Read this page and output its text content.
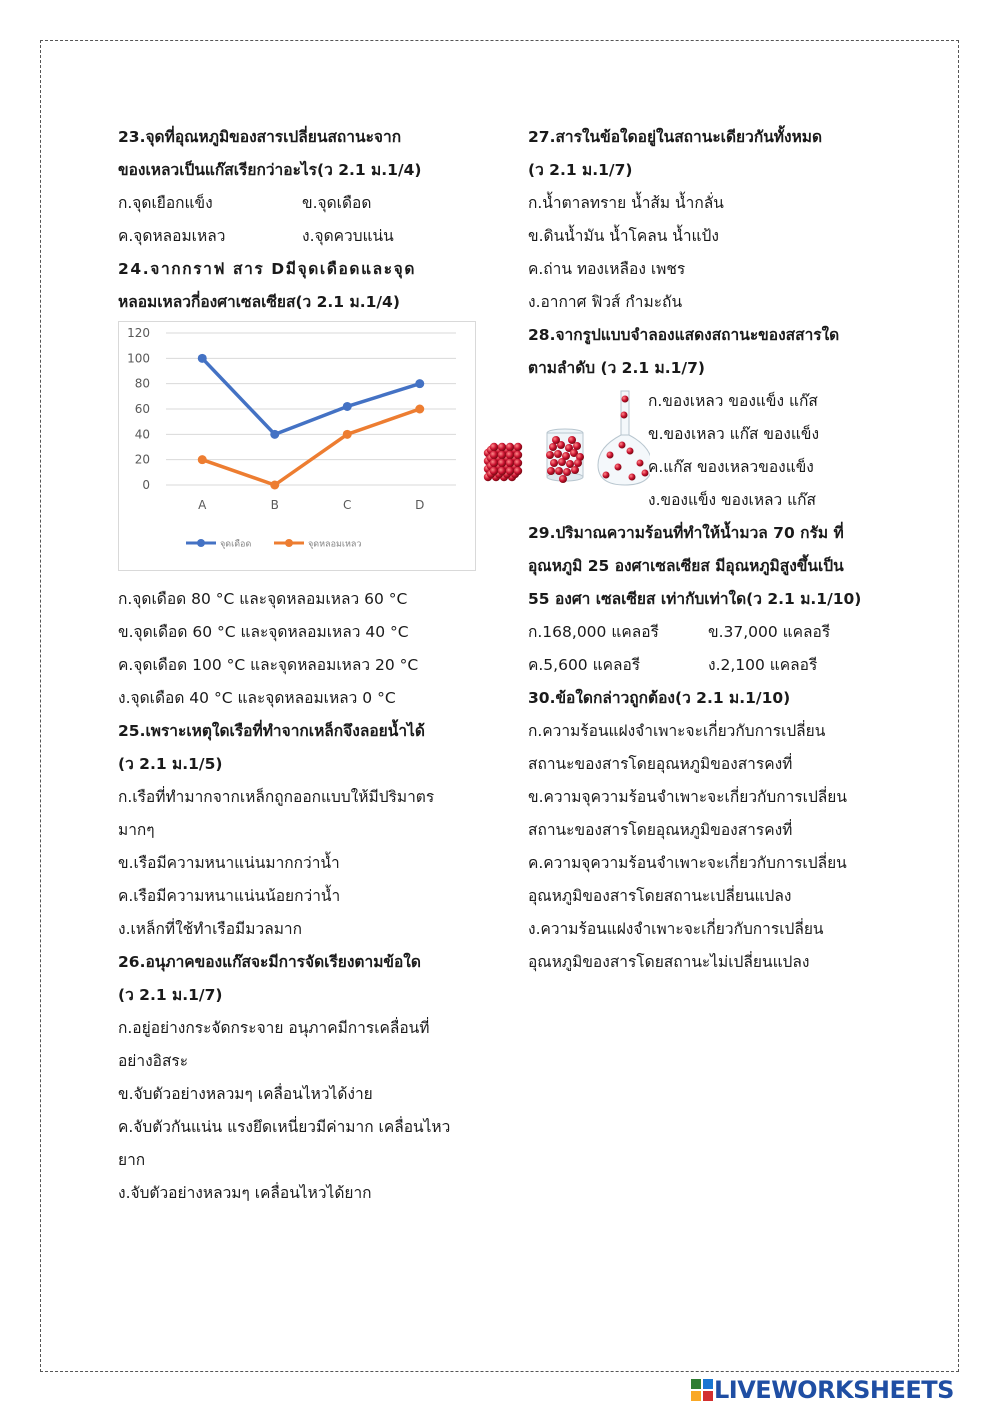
23.จุดที่อุณหภูมิของสารเปลี่ยนสถานะจาก
ของเหลวเป็นแก๊สเรียกว่าอะไร(ว 2.1 ม.1/4)
ก.จุดเยือกแข็ง	ข.จุดเดือด
ค.จุดหลอมเหลว	ง.จุดควบแน่น
24.จากกราฟ สาร Dมีจุดเดือดและจุด
หลอมเหลวกี่องศาเซลเซียส(ว 2.1 ม.1/4)
120
100
80
60
40
20
0
A	B	C	D
จุดเดือด	จุดหลอมเหลว
ก.จุดเดือด 80 °C และจุดหลอมเหลว 60 °C
ข.จุดเดือด 60 °C และจุดหลอมเหลว 40 °C
ค.จุดเดือด 100 °C และจุดหลอมเหลว 20 °C
ง.จุดเดือด 40 °C และจุดหลอมเหลว 0 °C
25.เพราะเหตุใดเรือที่ทำจากเหล็กจึงลอยน้ำได้
(ว 2.1 ม.1/5)
ก.เรือที่ทำมากจากเหล็กถูกออกแบบให้มีปริมาตร
มากๆ
ข.เรือมีความหนาแน่นมากกว่าน้ำ
ค.เรือมีความหนาแน่นน้อยกว่าน้ำ
ง.เหล็กที่ใช้ทำเรือมีมวลมาก
26.อนุภาคของแก๊สจะมีการจัดเรียงตามข้อใด
(ว 2.1 ม.1/7)
ก.อยู่อย่างกระจัดกระจาย อนุภาคมีการเคลื่อนที่
อย่างอิสระ
ข.จับตัวอย่างหลวมๆ เคลื่อนไหวได้ง่าย
ค.จับตัวกันแน่น แรงยึดเหนี่ยวมีค่ามาก เคลื่อนไหว
ยาก
ง.จับตัวอย่างหลวมๆ เคลื่อนไหวได้ยาก
27.สารในข้อใดอยู่ในสถานะเดียวกันทั้งหมด
(ว 2.1 ม.1/7)
ก.น้ำตาลทราย น้ำส้ม น้ำกลั่น
ข.ดินน้ำมัน น้ำโคลน น้ำแป้ง
ค.ถ่าน ทองเหลือง เพชร
ง.อากาศ ฟิวส์ กำมะถัน
28.จากรูปแบบจำลองแสดงสถานะของสสารใด
ตามลำดับ (ว 2.1 ม.1/7)
ก.ของเหลว ของแข็ง แก๊ส
ข.ของเหลว แก๊ส ของแข็ง
ค.แก๊ส ของเหลวของแข็ง
ง.ของแข็ง ของเหลว แก๊ส
29.ปริมาณความร้อนที่ทำให้น้ำมวล 70 กรัม ที่
อุณหภูมิ 25 องศาเซลเซียส มีอุณหภูมิสูงขึ้นเป็น
55 องศา เซลเซียส เท่ากับเท่าใด(ว 2.1 ม.1/10)
ก.168,000 แคลอรี	ข.37,000 แคลอรี
ค.5,600 แคลอรี	ง.2,100 แคลอรี
30.ข้อใดกล่าวถูกต้อง(ว 2.1 ม.1/10)
ก.ความร้อนแฝงจำเพาะจะเกี่ยวกับการเปลี่ยน
สถานะของสารโดยอุณหภูมิของสารคงที่
ข.ความจุความร้อนจำเพาะจะเกี่ยวกับการเปลี่ยน
สถานะของสารโดยอุณหภูมิของสารคงที่
ค.ความจุความร้อนจำเพาะจะเกี่ยวกับการเปลี่ยน
อุณหภูมิของสารโดยสถานะเปลี่ยนแปลง
ง.ความร้อนแฝงจำเพาะจะเกี่ยวกับการเปลี่ยน
อุณหภูมิของสารโดยสถานะไม่เปลี่ยนแปลง
LIVEWORKSHEETS
